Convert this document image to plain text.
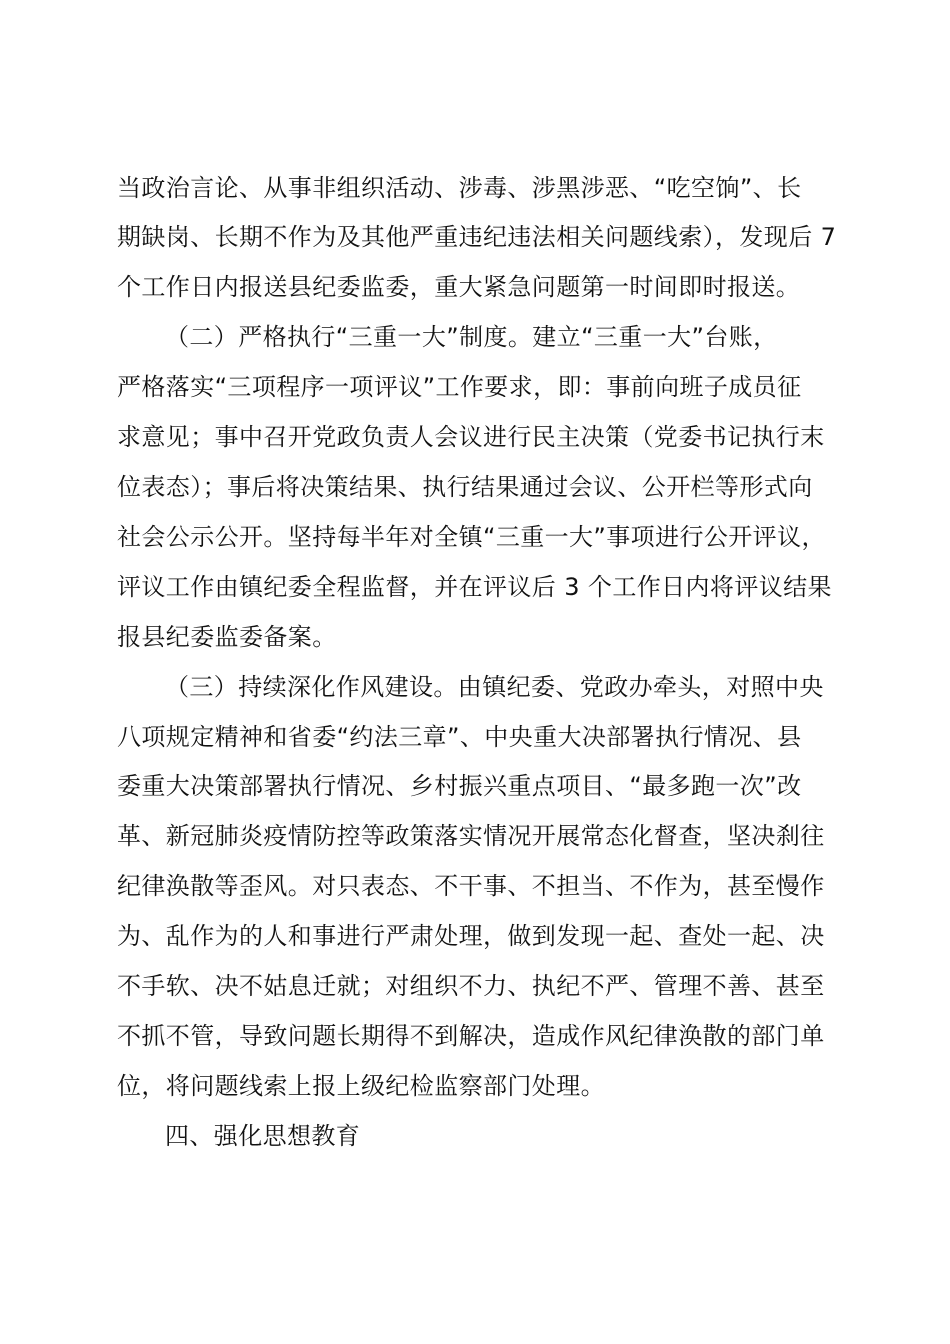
当政治言论、从事非组织活动、涉毒、涉黑涉恶、“吃空饷”、长
期缺岗、长期不作为及其他严重违纪违法相关问题线索），发现后 7
个工作日内报送县纪委监委，重大紧急问题第一时间即时报送。
（二）严格执行“三重一大”制度。建立“三重一大”台账，
严格落实“三项程序一项评议”工作要求，即：事前向班子成员征
求意见；事中召开党政负责人会议进行民主决策（党委书记执行末
位表态）；事后将决策结果、执行结果通过会议、公开栏等形式向
社会公示公开。坚持每半年对全镇“三重一大”事项进行公开评议，
评议工作由镇纪委全程监督，并在评议后 3 个工作日内将评议结果
报县纪委监委备案。
（三）持续深化作风建设。由镇纪委、党政办牵头，对照中央
八项规定精神和省委“约法三章”、中央重大决部署执行情况、县
委重大决策部署执行情况、乡村振兴重点项目、“最多跑一次”改
革、新冠肺炎疫情防控等政策落实情况开展常态化督查，坚决刹往
纪律涣散等歪风。对只表态、不干事、不担当、不作为，甚至慢作
为、乱作为的人和事进行严肃处理，做到发现一起、查处一起、决
不手软、决不姑息迁就；对组织不力、执纪不严、管理不善、甚至
不抓不管，导致问题长期得不到解决，造成作风纪律涣散的部门单
位，将问题线索上报上级纪检监察部门处理。
四、强化思想教育
